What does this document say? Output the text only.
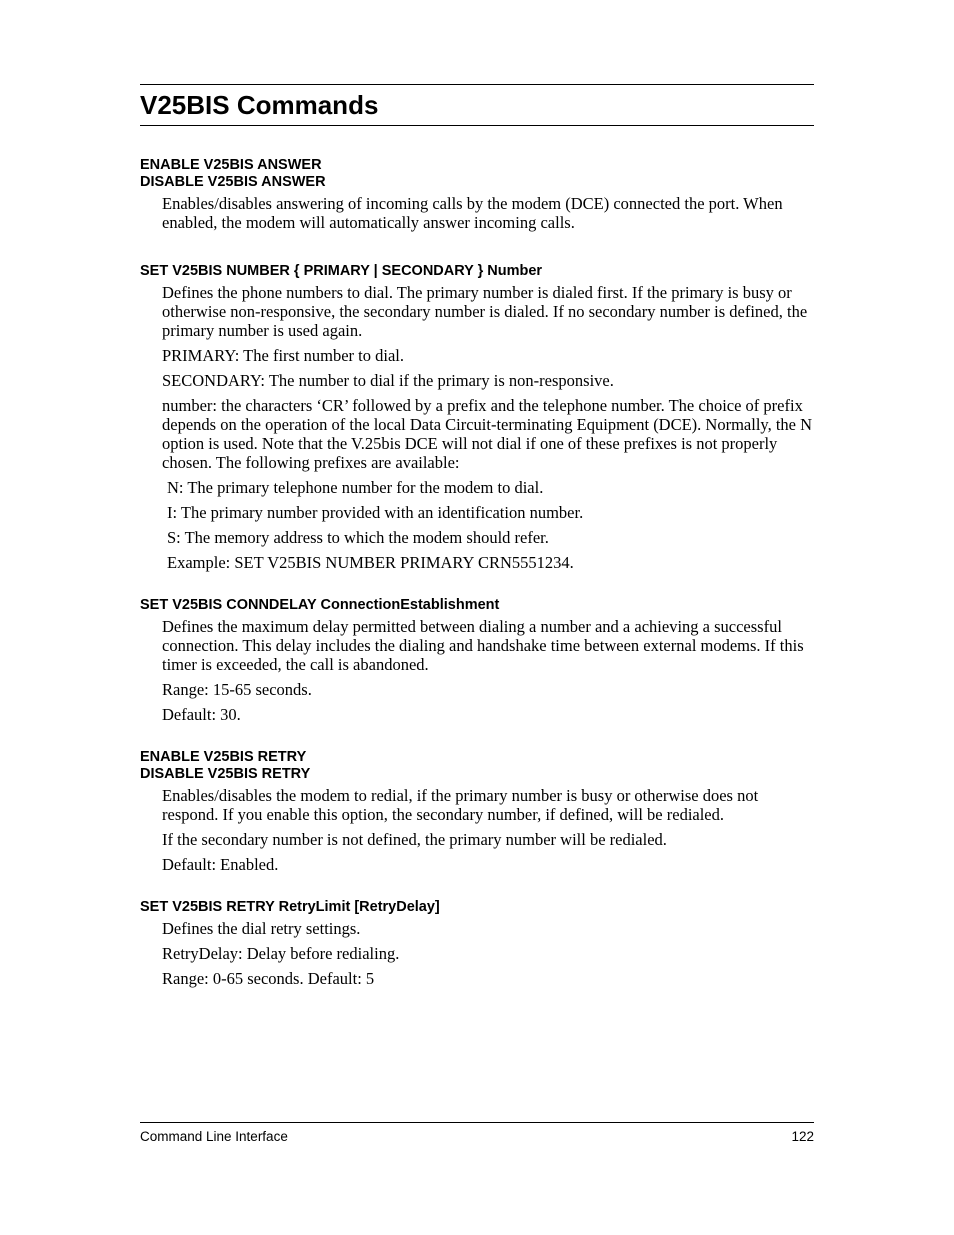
V25BIS Commands
ENABLE V25BIS ANSWER
DISABLE V25BIS ANSWER

Enables/disables answering of incoming calls by the modem (DCE) connected the port. When enabled, the modem will automatically answer incoming calls.

SET V25BIS NUMBER { PRIMARY | SECONDARY } Number

Defines the phone numbers to dial. The primary number is dialed first. If the primary is busy or otherwise non-responsive, the secondary number is dialed. If no secondary number is defined, the primary number is used again.

PRIMARY: The first number to dial.

SECONDARY: The number to dial if the primary is non-responsive.

number: the characters ‘CR’ followed by a prefix and the telephone number. The choice of prefix depends on the operation of the local Data Circuit-terminating Equipment (DCE). Normally, the N option is used. Note that the V.25bis DCE will not dial if one of these prefixes is not properly chosen. The following prefixes are available:

N: The primary telephone number for the modem to dial.

I: The primary number provided with an identification number.

S: The memory address to which the modem should refer.

Example: SET V25BIS NUMBER PRIMARY CRN5551234.

SET V25BIS CONNDELAY ConnectionEstablishment

Defines the maximum delay permitted between dialing a number and a achieving a successful connection. This delay includes the dialing and handshake time between external modems. If this timer is exceeded, the call is abandoned.

Range: 15-65 seconds.

Default: 30.

ENABLE V25BIS RETRY
DISABLE V25BIS RETRY

Enables/disables the modem to redial, if the primary number is busy or otherwise does not respond. If you enable this option, the secondary number, if defined, will be redialed.

If the secondary number is not defined, the primary number will be redialed.

Default: Enabled.

SET V25BIS RETRY RetryLimit [RetryDelay]

Defines the dial retry settings.

RetryDelay: Delay before redialing.

Range: 0-65 seconds. Default: 5

Command Line Interface	122
